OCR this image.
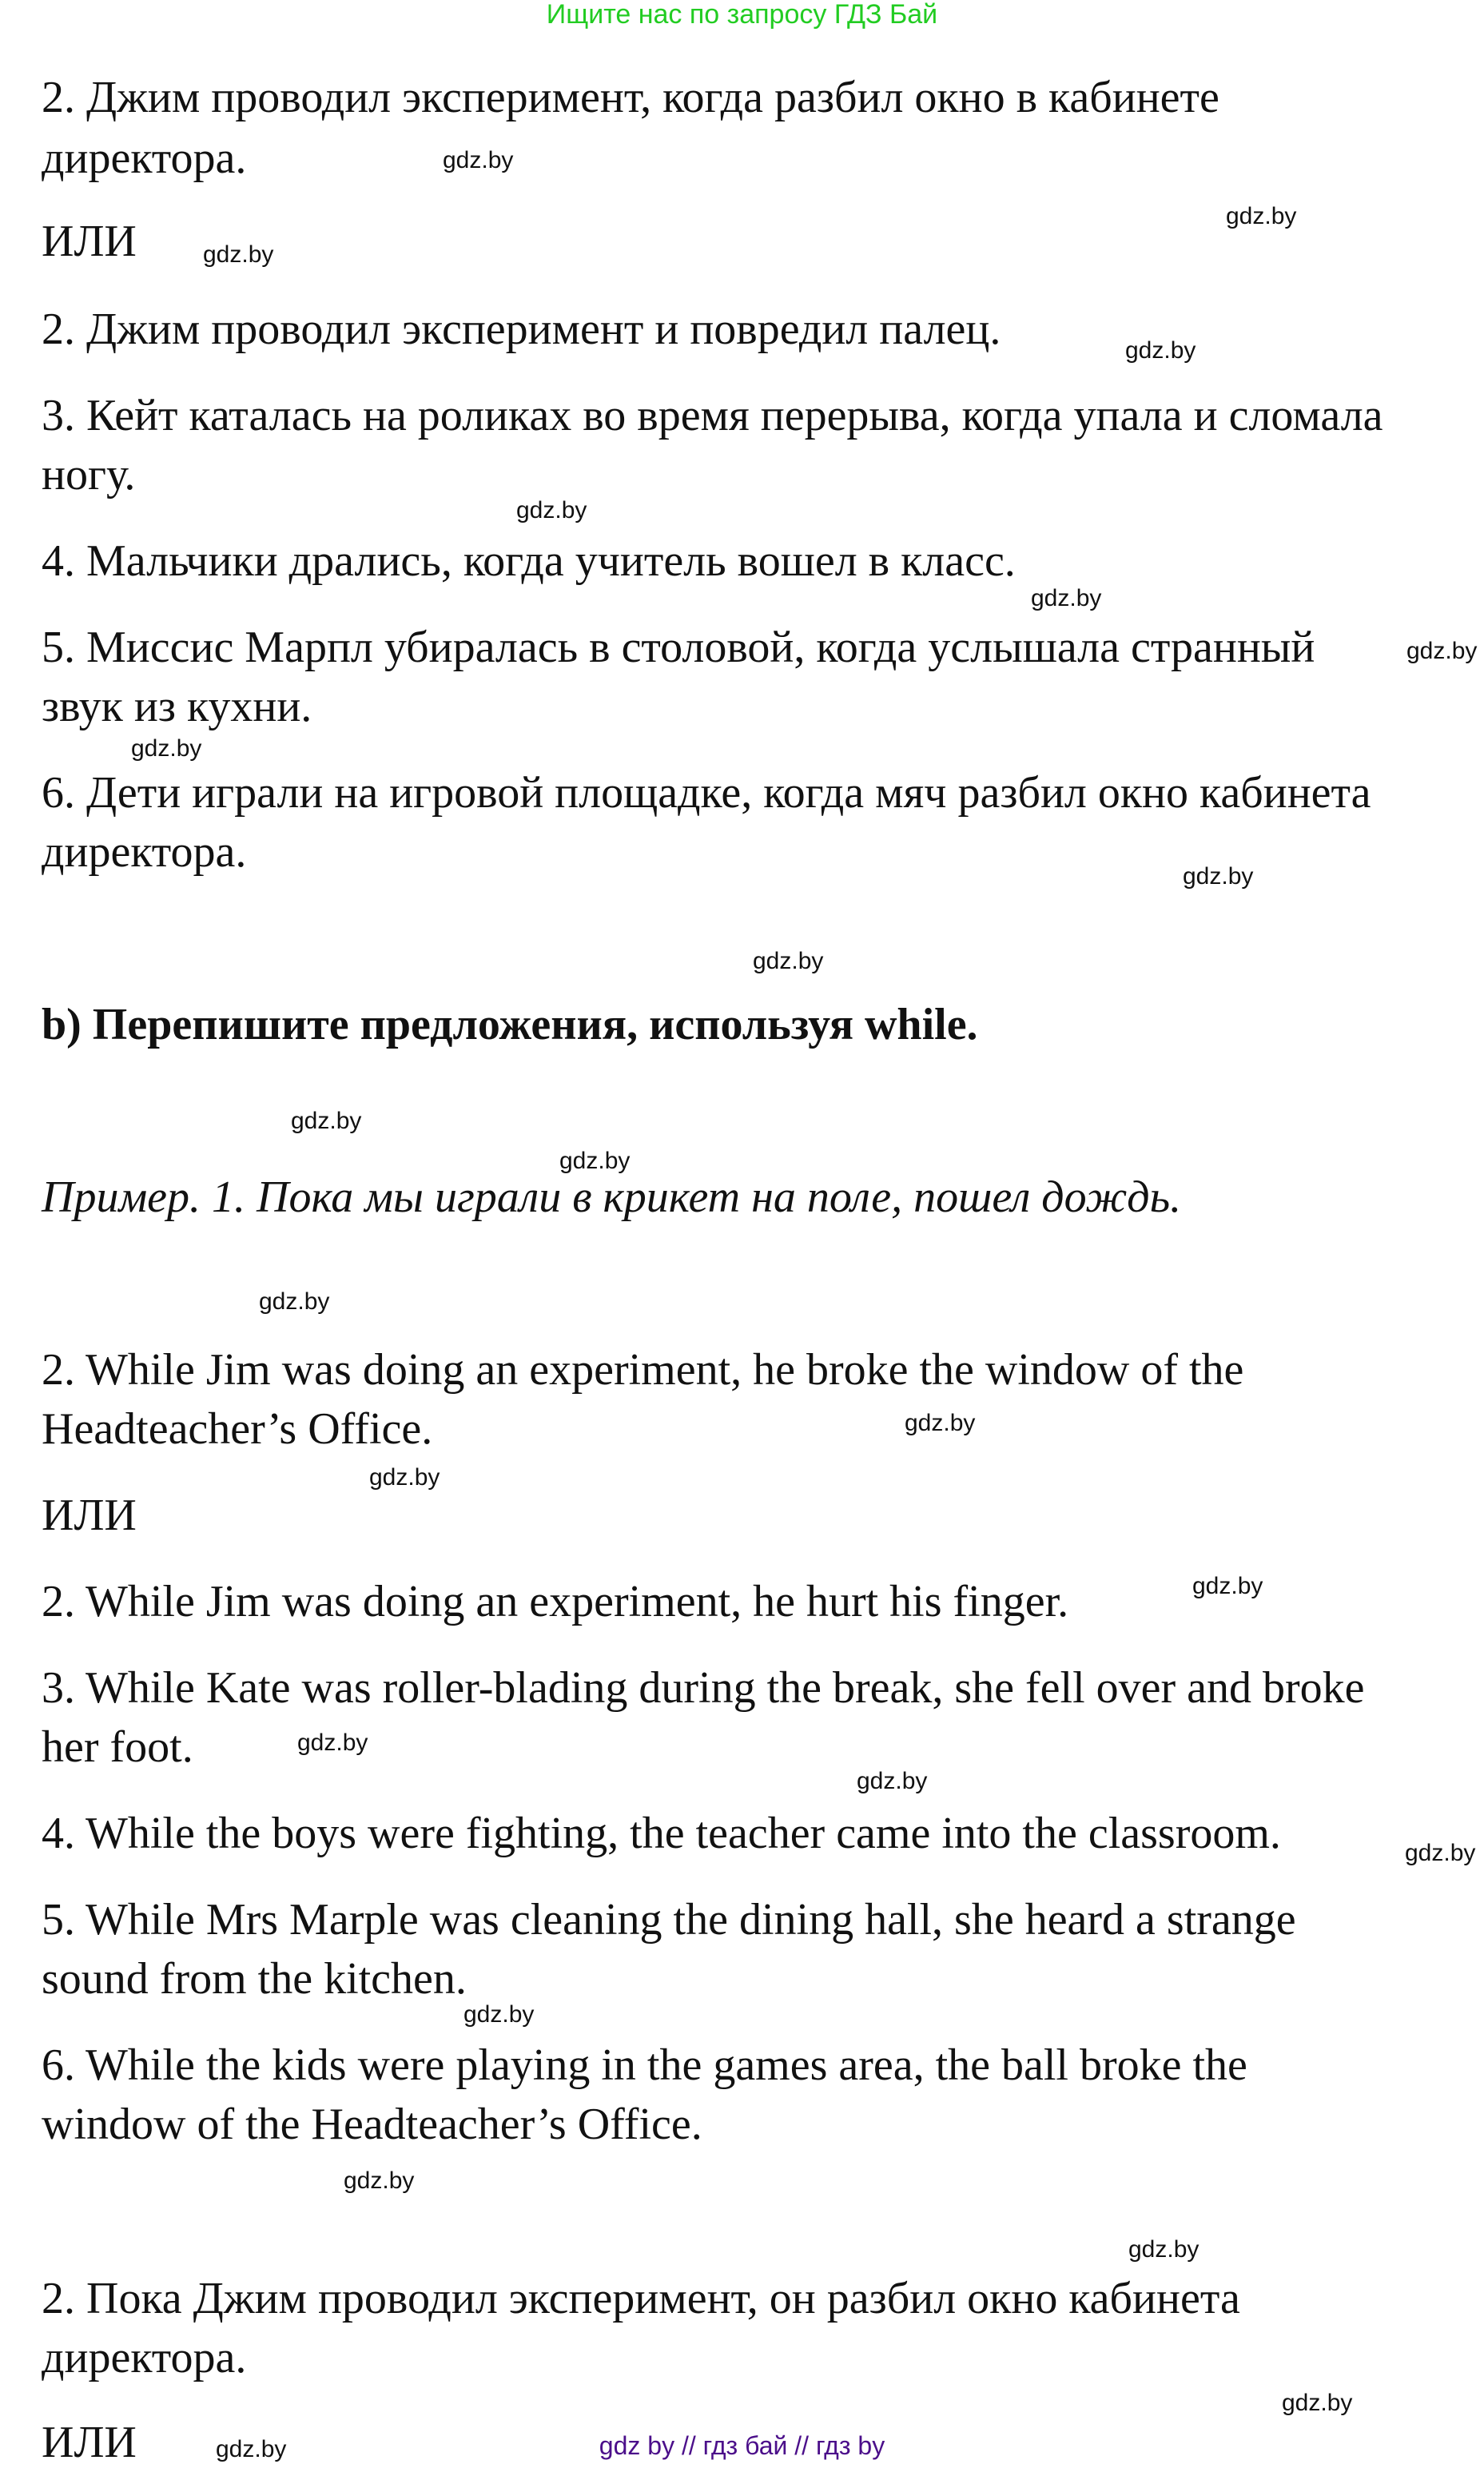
Ищите нас по запросу ГДЗ Бай
2. Джим проводил эксперимент, когда разбил окно в кабинете
директора.
ИЛИ
2. Джим проводил эксперимент и повредил палец.
3. Кейт каталась на роликах во время перерыва, когда упала и сломала
ногу.
4. Мальчики дрались, когда учитель вошел в класс.
5. Миссис Марпл убиралась в столовой, когда услышала странный
звук из кухни.
6. Дети играли на игровой площадке, когда мяч разбил окно кабинета
директора.
b) Перепишите предложения, используя while.
Пример. 1. Пока мы играли в крикет на поле, пошел дождь.
2. While Jim was doing an experiment, he broke the window of the
Headteacher’s Office.
ИЛИ
2. While Jim was doing an experiment, he hurt his finger.
3. While Kate was roller-blading during the break, she fell over and broke
her foot.
4. While the boys were fighting, the teacher came into the classroom.
5. While Mrs Marple was cleaning the dining hall, she heard a strange
sound from the kitchen.
6. While the kids were playing in the games area, the ball broke the
window of the Headteacher’s Office.
2. Пока Джим проводил эксперимент, он разбил окно кабинета
директора.
ИЛИ
gdz.by
gdz.by
gdz.by
gdz.by
gdz.by
gdz.by
gdz.by
gdz.by
gdz.by
gdz.by
gdz.by
gdz.by
gdz.by
gdz.by
gdz.by
gdz.by
gdz.by
gdz.by
gdz.by
gdz.by
gdz.by
gdz.by
gdz.by
gdz.by	gdz by // гдз бай // гдз by
